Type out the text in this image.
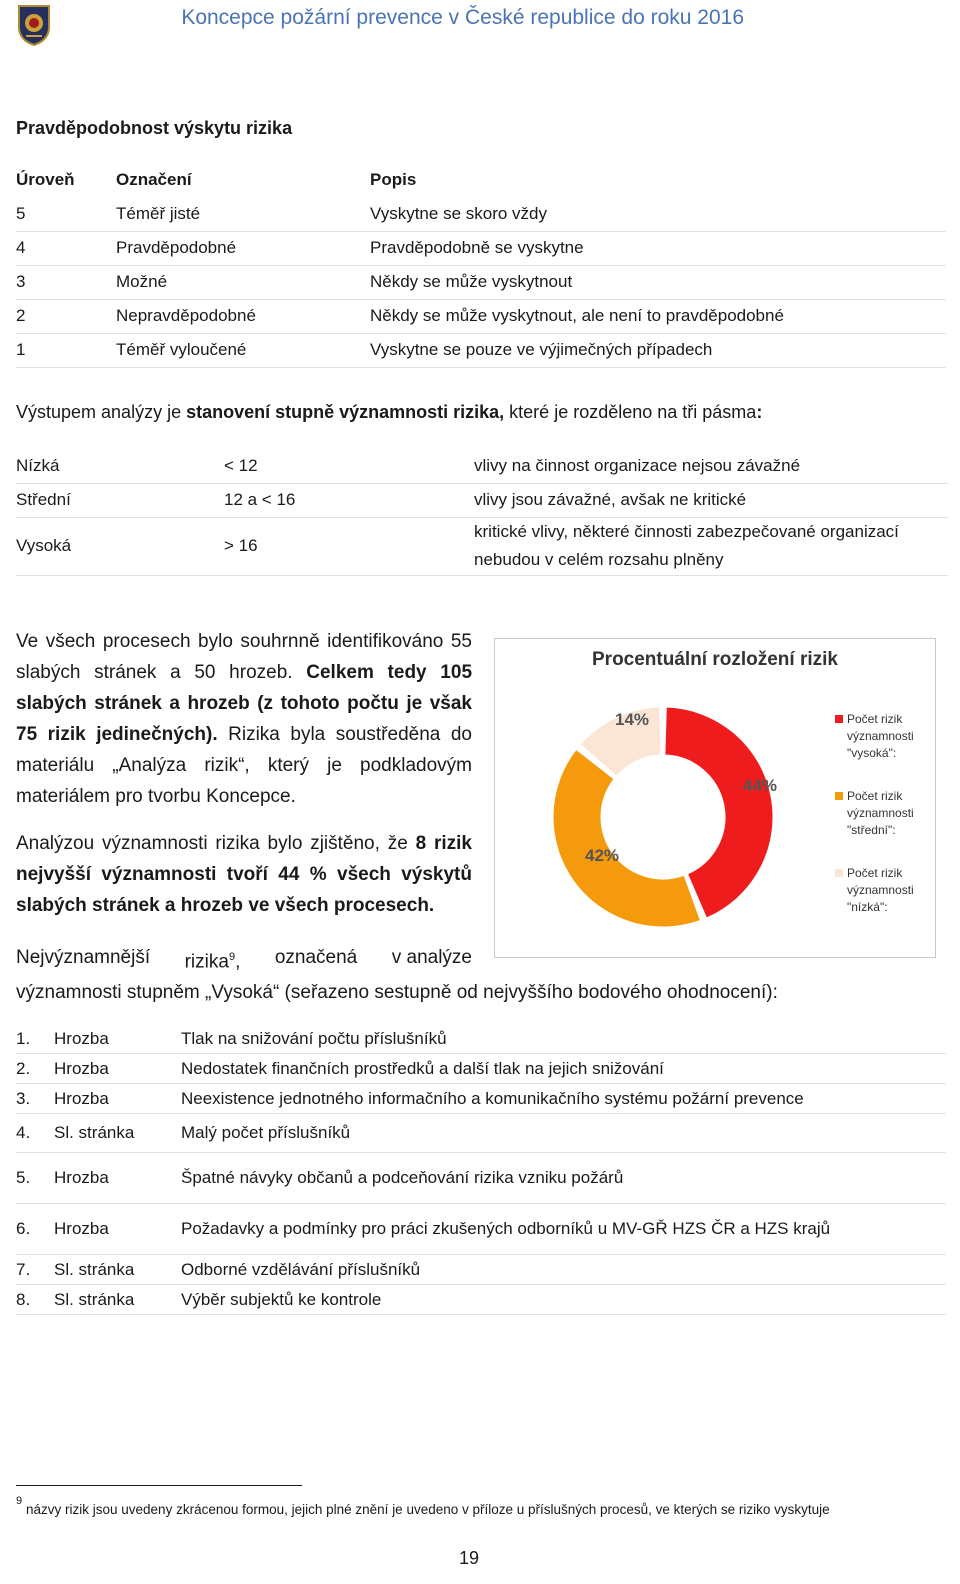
Koncepce požární prevence v České republice do roku 2016
Pravděpodobnost výskytu rizika
Úroveň	Označení	Popis
5	Téměř jisté	Vyskytne se skoro vždy
4	Pravděpodobné	Pravděpodobně se vyskytne
3	Možné	Někdy se může vyskytnout
2	Nepravděpodobné	Někdy se může vyskytnout, ale není to pravděpodobné
1	Téměř vyloučené	Vyskytne se pouze ve výjimečných případech
Výstupem analýzy je stanovení stupně významnosti rizika, které je rozděleno na tři pásma:
Nízká	< 12	vlivy na činnost organizace nejsou závažné
Střední	12 a < 16	vlivy jsou závažné, avšak ne kritické
Vysoká	> 16	kritické vlivy, některé činnosti zabezpečované organizací nebudou v celém rozsahu plněny

Ve všech procesech bylo souhrnně identifikováno 55 slabých stránek a 50 hrozeb. Celkem tedy 105 slabých stránek a hrozeb (z tohoto počtu je však 75 rizik jedinečných). Rizika byla soustředěna do materiálu „Analýza rizik“, který je podkladovým materiálem pro tvorbu Koncepce.

Analýzou významnosti rizika bylo zjištěno, že 8 rizik nejvyšší významnosti tvoří 44 % všech výskytů slabých stránek a hrozeb ve všech procesech.

Procentuální rozložení rizik
44%
42%
14%	Počet rizik významnosti "vysoká":
Počet rizik významnosti "střední":
Počet rizik významnosti "nízká":
Nejvýznamnější rizika$^9$, označená v analýze
významnosti stupněm „Vysoká“ (seřazeno sestupně od nejvyššího bodového ohodnocení):
1.	Hrozba	Tlak na snižování počtu příslušníků
2.	Hrozba	Nedostatek finančních prostředků a další tlak na jejich snižování
3.	Hrozba	Neexistence jednotného informačního a komunikačního systému požární prevence
4.	Sl. stránka	Malý počet příslušníků
5.	Hrozba	Špatné návyky občanů a podceňování rizika vzniku požárů
6.	Hrozba	Požadavky a podmínky pro práci zkušených odborníků u MV-GŘ HZS ČR a HZS krajů
7.	Sl. stránka	Odborné vzdělávání příslušníků
8.	Sl. stránka	Výběr subjektů ke kontrole
9
názvy rizik jsou uvedeny zkrácenou formou, jejich plné znění je uvedeno v příloze u příslušných procesů, ve kterých se riziko vyskytuje
19
